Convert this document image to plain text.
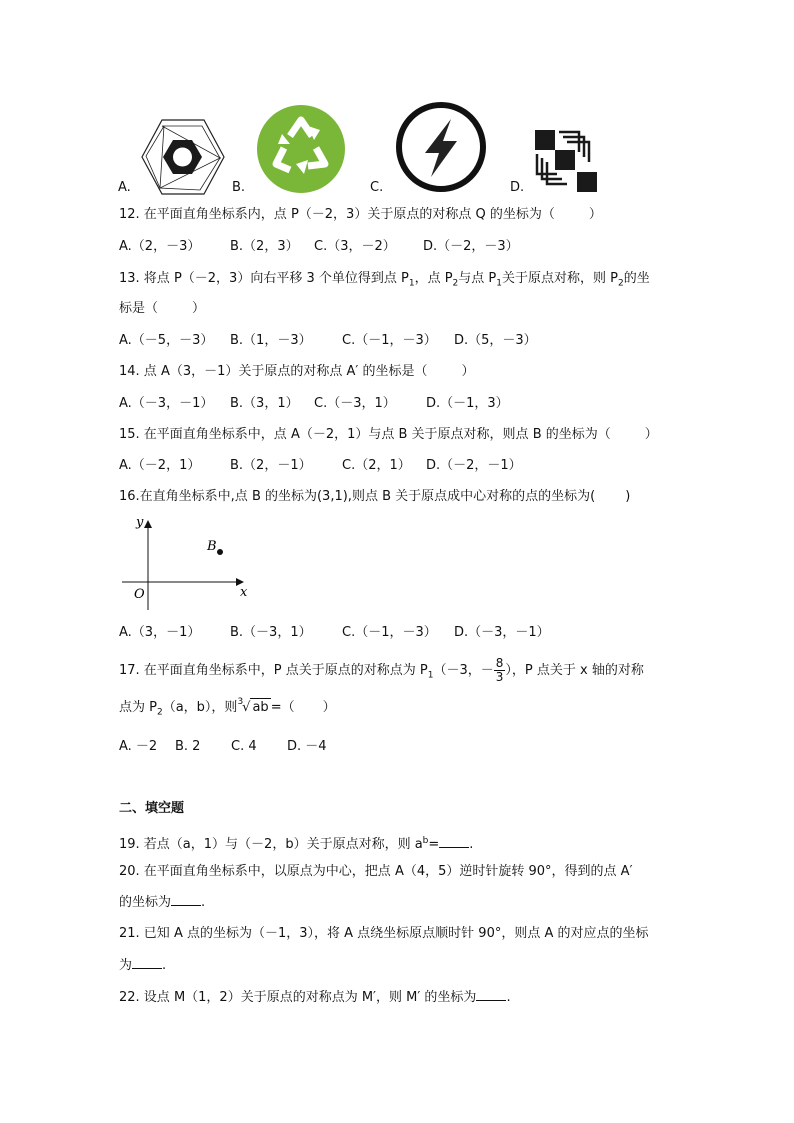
A.	B.	C.	D.
12. 在平面直角坐标系内，点 P（－2，3）关于原点的对称点 Q 的坐标为（	）
A.（2，－3） B.（2，3） C.（3，－2） D.（－2，－3）
13. 将点 P（－2，3）向右平移 3 个单位得到点 $P_1$，点 $P_2$与点 $P_1$关于原点对称，则 $P_2$的坐
标是（	）
A.（－5，－3） B.（1，－3） C.（－1，－3） D.（5，－3）
14. 点 A（3，－1）关于原点的对称点 A′ 的坐标是（	）
A.（－3，－1） B.（3，1） C.（－3，1） D.（－1，3）
15. 在平面直角坐标系中，点 A（－2，1）与点 B 关于原点对称，则点 B 的坐标为（	）
A.（－2，1） B.（2，－1） C.（2，1） D.（－2，－1）
16.在直角坐标系中,点 B 的坐标为(3,1),则点 B 关于原点成中心对称的点的坐标为( )
y
x
O
B
A.（3，－1） B.（－3，1） C.（－1，－3） D.（－3，－1）
17. 在平面直角坐标系中，P 点关于原点的对称点为 $P_1(-3$，－ $\frac{8}{3}$ ），P 点关于 x 轴的对称
点为 $P_2(a$，b），则3√ ab =（ ）
A. －2 B. 2 C. 4 D. －4
二、填空题
19. 若点（a，1）与（－2，b）关于原点对称，则 $a^b=$ .
20. 在平面直角坐标系中，以原点为中心，把点 A（4，5）逆时针旋转 90°，得到的点 A′
的坐标为 .
21. 已知 A 点的坐标为（－1，3），将 A 点绕坐标原点顺时针 90°，则点 A 的对应点的坐标
为 .
22. 设点 M（1，2）关于原点的对称点为 M′，则 M′ 的坐标为 .
